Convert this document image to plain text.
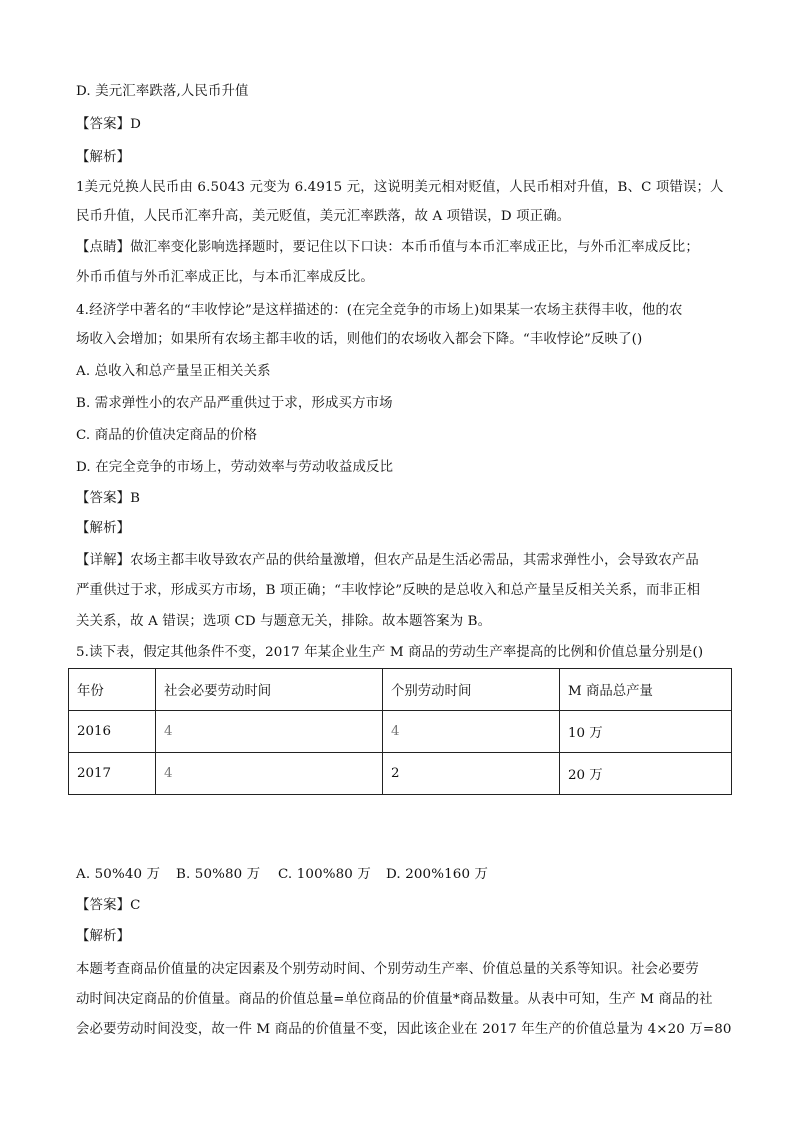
D. 美元汇率跌落,人民币升值
【答案】D
【解析】
1美元兑换人民币由 6.5043 元变为 6.4915 元，这说明美元相对贬值，人民币相对升值，B、C 项错误；人
民币升值，人民币汇率升高，美元贬值，美元汇率跌落，故 A 项错误，D 项正确。
【点睛】做汇率变化影响选择题时，要记住以下口诀：本币币值与本币汇率成正比，与外币汇率成反比；
外币币值与外币汇率成正比，与本币汇率成反比。
4.经济学中著名的“丰收悖论”是这样描述的：(在完全竞争的市场上)如果某一农场主获得丰收，他的农
场收入会增加；如果所有农场主都丰收的话，则他们的农场收入都会下降。“丰收悖论”反映了()
A. 总收入和总产量呈正相关关系
B. 需求弹性小的农产品严重供过于求，形成买方市场
C. 商品的价值决定商品的价格
D. 在完全竞争的市场上，劳动效率与劳动收益成反比
【答案】B
【解析】
【详解】农场主都丰收导致农产品的供给量激增，但农产品是生活必需品，其需求弹性小，会导致农产品
严重供过于求，形成买方市场，B 项正确；“丰收悖论”反映的是总收入和总产量呈反相关关系，而非正相
关关系，故 A 错误；选项 CD 与题意无关，排除。故本题答案为 B。
5.读下表，假定其他条件不变，2017 年某企业生产 M 商品的劳动生产率提高的比例和价值总量分别是()
年份	社会必要劳动时间	个别劳动时间	M 商品总产量
2016	4	4	10 万
2017	4	2	20 万
A. 50%40 万 B. 50%80 万 C. 100%80 万 D. 200%160 万
【答案】C
【解析】
本题考查商品价值量的决定因素及个别劳动时间、个别劳动生产率、价值总量的关系等知识。社会必要劳
动时间决定商品的价值量。商品的价值总量=单位商品的价值量*商品数量。从表中可知，生产 M 商品的社
会必要劳动时间没变，故一件 M 商品的价值量不变，因此该企业在 2017 年生产的价值总量为 4×20 万=80
